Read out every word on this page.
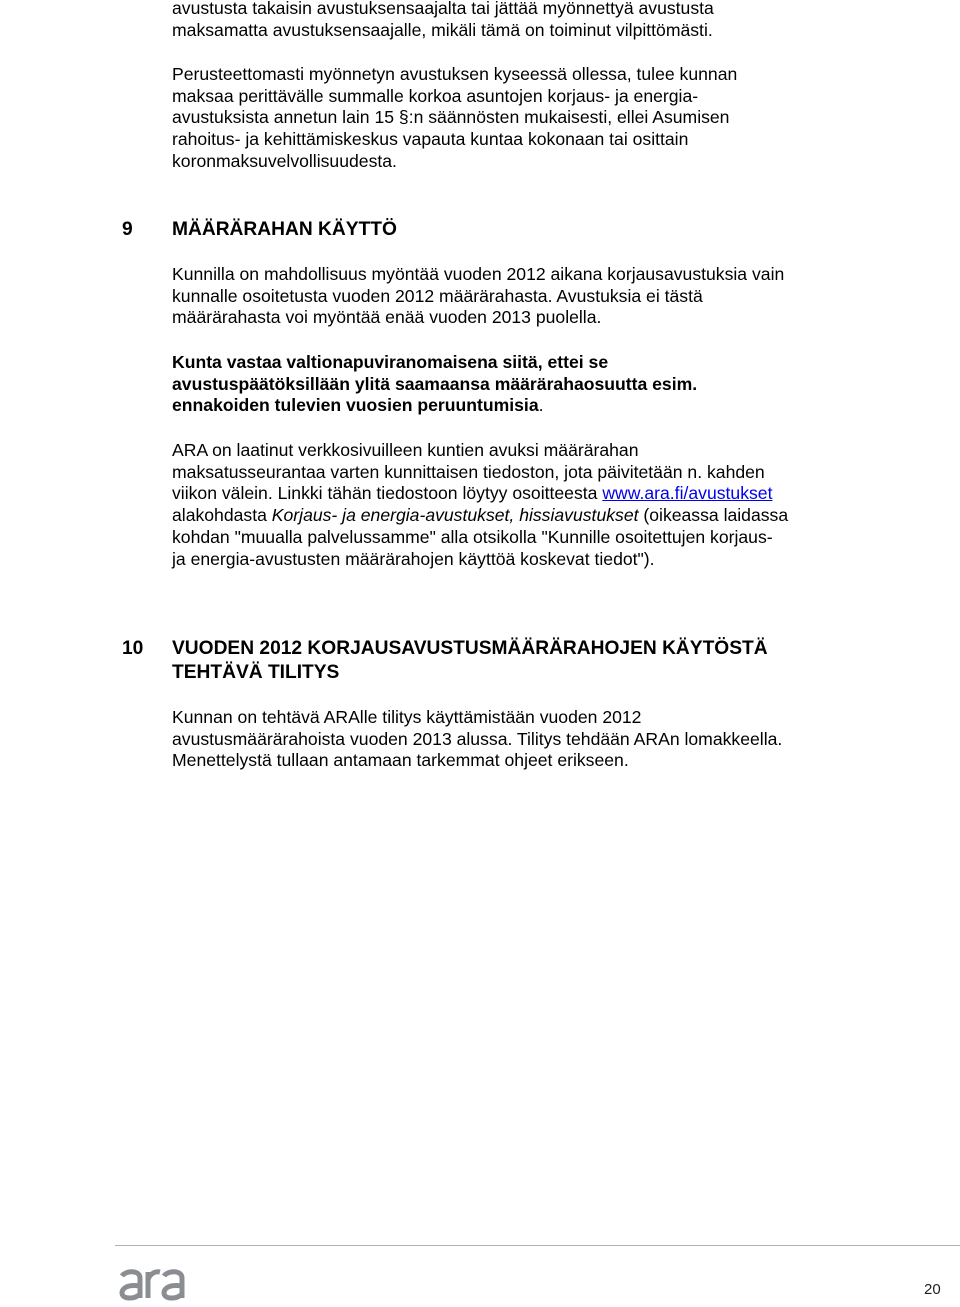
avustusta takaisin avustuksensaajalta tai jättää myönnettyä avustusta
maksamatta avustuksensaajalle, mikäli tämä on toiminut vilpittömästi.
Perusteettomasti myönnetyn avustuksen kyseessä ollessa, tulee kunnan
maksaa perittävälle summalle korkoa asuntojen korjaus- ja energia-
avustuksista annetun lain 15 §:n säännösten mukaisesti, ellei Asumisen
rahoitus- ja kehittämiskeskus vapauta kuntaa kokonaan tai osittain
koronmaksuvelvollisuudesta.
9 MÄÄRÄRAHAN KÄYTTÖ
Kunnilla on mahdollisuus myöntää vuoden 2012 aikana korjausavustuksia vain
kunnalle osoitetusta vuoden 2012 määrärahasta. Avustuksia ei tästä
määrärahasta voi myöntää enää vuoden 2013 puolella.
Kunta vastaa valtionapuviranomaisena siitä, ettei se
avustuspäätöksillään ylitä saamaansa määrärahaosuutta esim.
ennakoiden tulevien vuosien peruuntumisia.
ARA on laatinut verkkosivuilleen kuntien avuksi määrärahan
maksatusseurantaa varten kunnittaisen tiedoston, jota päivitetään n. kahden
viikon välein. Linkki tähän tiedostoon löytyy osoitteesta www.ara.fi/avustukset
alakohdasta Korjaus- ja energia-avustukset, hissiavustukset (oikeassa laidassa
kohdan "muualla palvelussamme" alla otsikolla "Kunnille osoitettujen korjaus-
ja energia-avustusten määrärahojen käyttöä koskevat tiedot").
10 VUODEN 2012 KORJAUSAVUSTUSMÄÄRÄRAHOJEN KÄYTÖSTÄ
TEHTÄVÄ TILITYS
Kunnan on tehtävä ARAlle tilitys käyttämistään vuoden 2012
avustusmäärärahoista vuoden 2013 alussa. Tilitys tehdään ARAn lomakkeella.
Menettelystä tullaan antamaan tarkemmat ohjeet erikseen.
20
